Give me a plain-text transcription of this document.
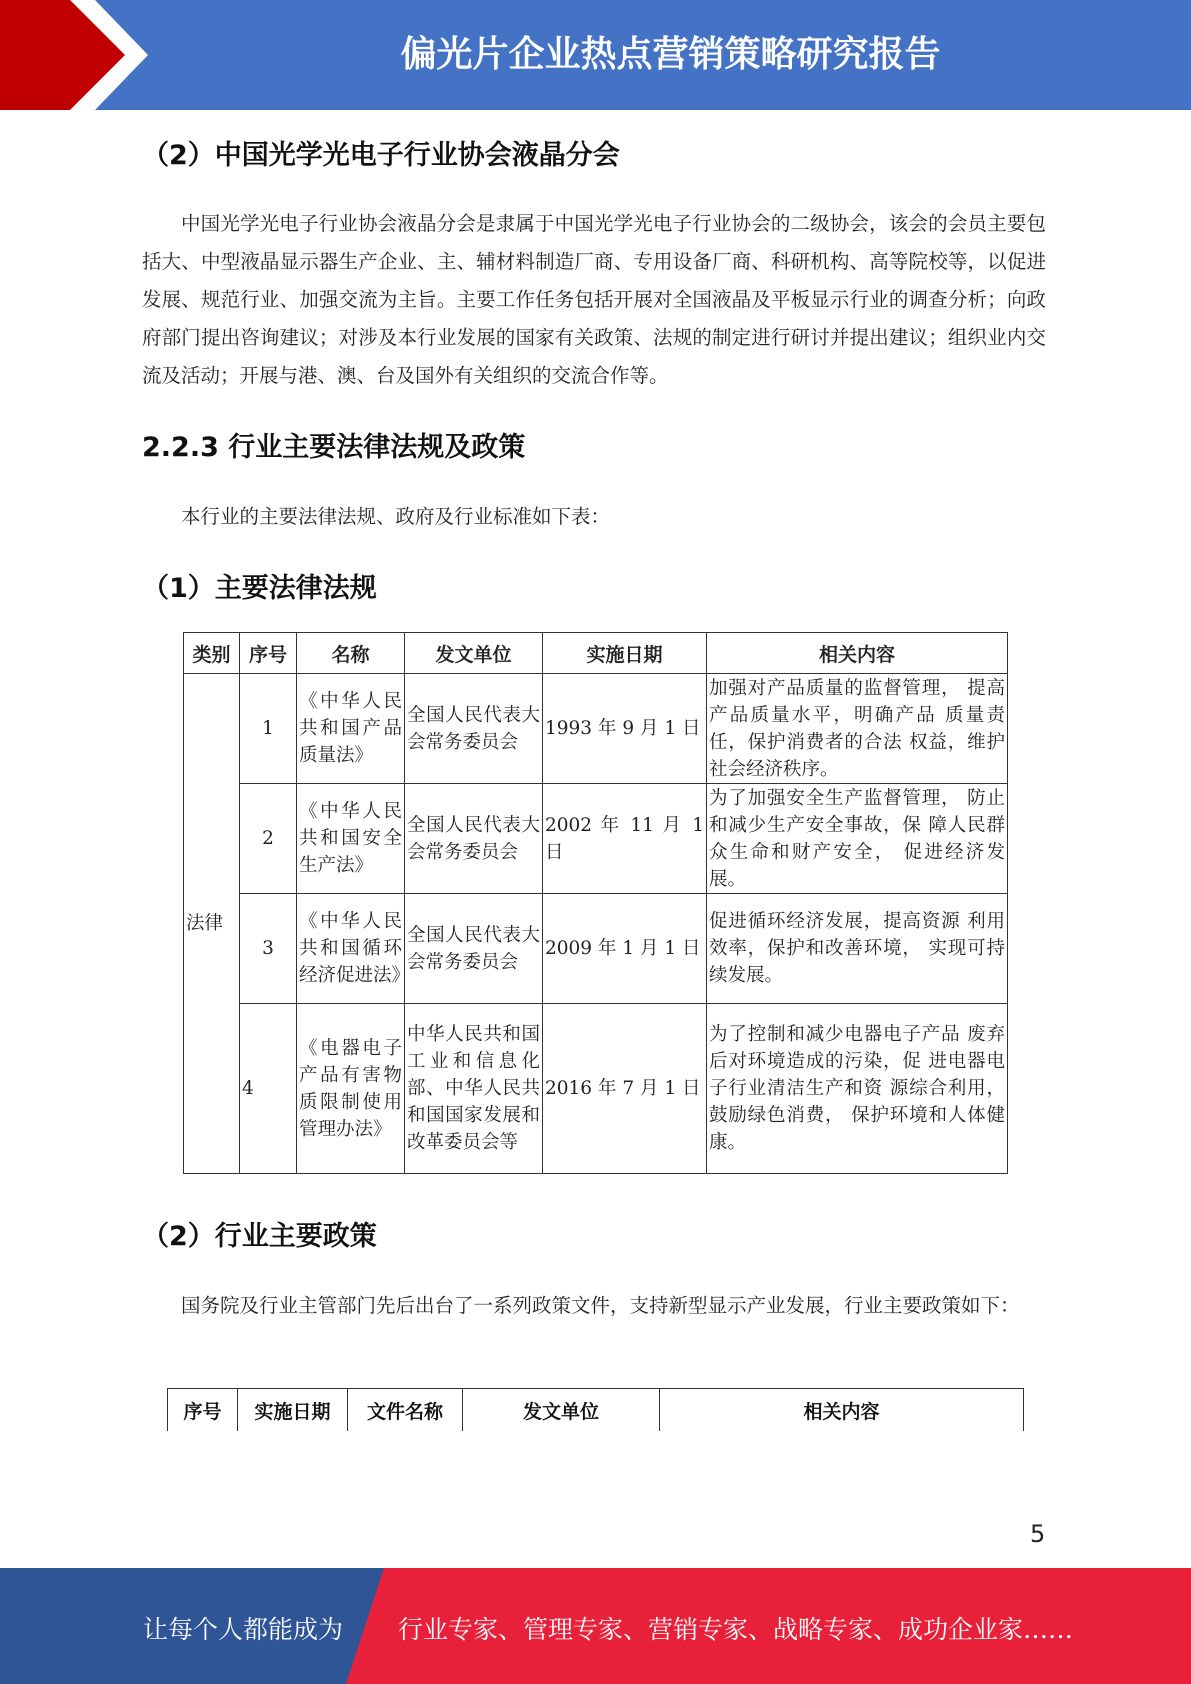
偏光片企业热点营销策略研究报告
（2）中国光学光电子行业协会液晶分会
中国光学光电子行业协会液晶分会是隶属于中国光学光电子行业协会的二级协会，该会的会员主要包括大、中型液晶显示器生产企业、主、辅材料制造厂商、专用设备厂商、科研机构、高等院校等，以促进发展、规范行业、加强交流为主旨。主要工作任务包括开展对全国液晶及平板显示行业的调查分析；向政府部门提出咨询建议；对涉及本行业发展的国家有关政策、法规的制定进行研讨并提出建议；组织业内交流及活动；开展与港、澳、台及国外有关组织的交流合作等。
2.2.3 行业主要法律法规及政策
本行业的主要法律法规、政府及行业标准如下表：
（1）主要法律法规
类别	序号	名称	发文单位	实施日期	相关内容
法律	1	《中华人民共和国产品质量法》	全国人民代表大会常务委员会	1993 年 9 月 1 日	加强对产品质量的监督管理， 提高产品质量水平，明确产品 质量责任，保护消费者的合法 权益，维护社会经济秩序。
	2	《中华人民共和国安全生产法》	全国人民代表大会常务委员会	2002 年 11 月 1 日	为了加强安全生产监督管理， 防止和减少生产安全事故，保 障人民群众生命和财产安全， 促进经济发展。
	3	《中华人民共和国循环经济促进法》	全国人民代表大会常务委员会	2009 年 1 月 1 日	促进循环经济发展，提高资源 利用效率，保护和改善环境， 实现可持续发展。
	4	《电器电子产品有害物质限制使用管理办法》	中华人民共和国工业和信息化部、中华人民共和国国家发展和改革委员会等	2016 年 7 月 1 日	为了控制和减少电器电子产品 废弃后对环境造成的污染，促 进电器电子行业清洁生产和资 源综合利用，鼓励绿色消费， 保护环境和人体健康。
（2）行业主要政策
国务院及行业主管部门先后出台了一系列政策文件，支持新型显示产业发展，行业主要政策如下：
序号	实施日期	文件名称	发文单位	相关内容
5
让每个人都能成为 行业专家、管理专家、营销专家、战略专家、成功企业家……
